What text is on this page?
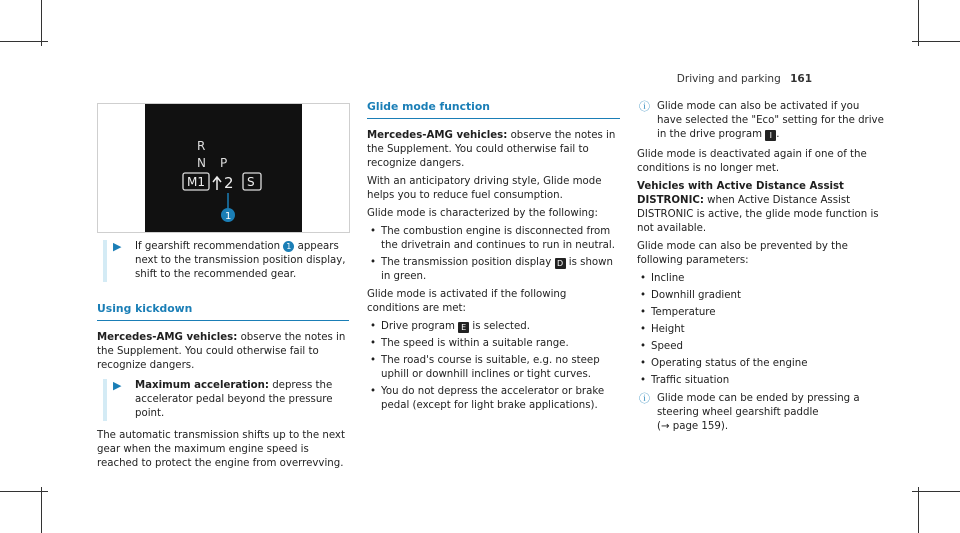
Driving and parking 161
R
N P
M1 2 S
1
▶ If gearshift recommendation 1 appears next to the transmission position display, shift to the recommended gear.
Using kickdown

Mercedes-AMG vehicles: observe the notes in the Supplement. You could otherwise fail to recognize dangers.

▶ Maximum acceleration: depress the accelerator pedal beyond the pressure point.

The automatic transmission shifts up to the next gear when the maximum engine speed is reached to protect the engine from overrevving.

Glide mode function

Mercedes-AMG vehicles: observe the notes in the Supplement. You could otherwise fail to recognize dangers.

With an anticipatory driving style, Glide mode helps you to reduce fuel consumption.

Glide mode is characterized by the following:

• The combustion engine is disconnected from the drivetrain and continues to run in neutral.
• The transmission position display D is shown in green.

Glide mode is activated if the following conditions are met:

• Drive program E is selected.
• The speed is within a suitable range.
• The road's course is suitable, e.g. no steep uphill or downhill inclines or tight curves.
• You do not depress the accelerator or brake pedal (except for light brake applications).
ⓘ Glide mode can also be activated if you have selected the "Eco" setting for the drive in the drive program I .

Glide mode is deactivated again if one of the conditions is no longer met.

Vehicles with Active Distance Assist DISTRONIC: when Active Distance Assist DISTRONIC is active, the glide mode function is not available.

Glide mode can also be prevented by the following parameters:

• Incline
• Downhill gradient
• Temperature
• Height
• Speed
• Operating status of the engine
• Traffic situation
ⓘ Glide mode can be ended by pressing a steering wheel gearshift paddle
(→ page 159).
